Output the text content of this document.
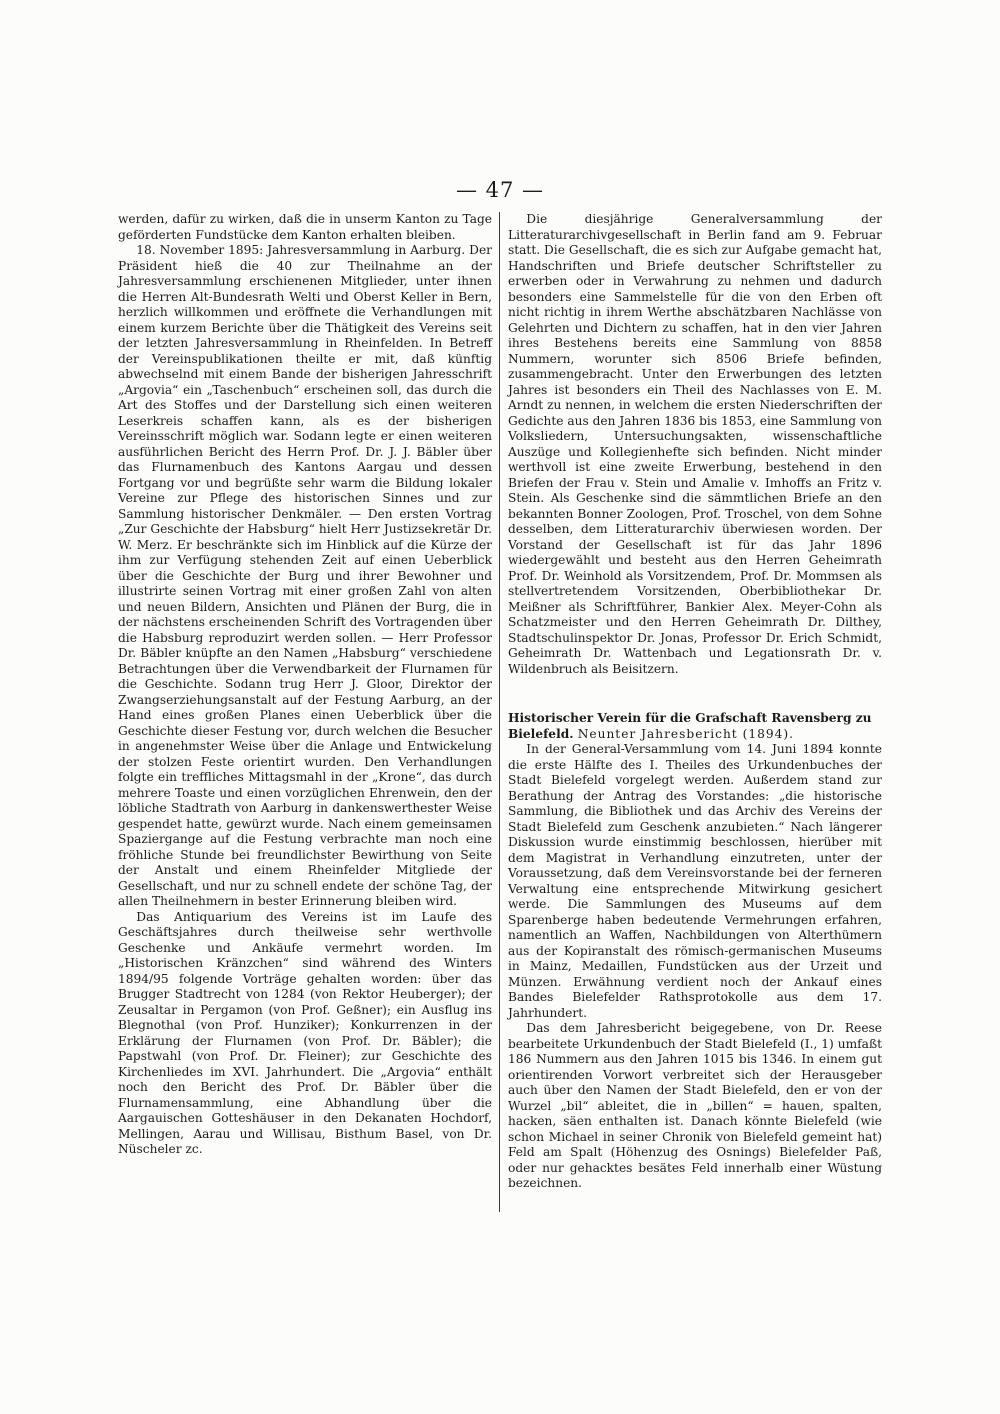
— 47 —

werden, dafür zu wirken, daß die in unserm Kanton zu Tage geförderten Fundstücke dem Kanton erhalten bleiben.

18. November 1895: Jahresversammlung in Aarburg. Der Präsident hieß die 40 zur Theilnahme an der Jahresversammlung erschienenen Mitglieder, unter ihnen die Herren Alt-Bundesrath Welti und Oberst Keller in Bern, herzlich willkommen und eröffnete die Verhandlungen mit einem kurzem Berichte über die Thätigkeit des Vereins seit der letzten Jahresversammlung in Rheinfelden. In Betreff der Vereinspublikationen theilte er mit, daß künftig abwechselnd mit einem Bande der bisherigen Jahresschrift „Argovia“ ein „Taschenbuch“ erscheinen soll, das durch die Art des Stoffes und der Darstellung sich einen weiteren Leserkreis schaffen kann, als es der bisherigen Vereinsschrift möglich war. Sodann legte er einen weiteren ausführlichen Bericht des Herrn Prof. Dr. J. J. Bäbler über das Flurnamenbuch des Kantons Aargau und dessen Fortgang vor und begrüßte sehr warm die Bildung lokaler Vereine zur Pflege des historischen Sinnes und zur Sammlung historischer Denkmäler. — Den ersten Vortrag „Zur Geschichte der Habsburg“ hielt Herr Justizsekretär Dr. W. Merz. Er beschränkte sich im Hinblick auf die Kürze der ihm zur Verfügung stehenden Zeit auf einen Ueberblick über die Geschichte der Burg und ihrer Bewohner und illustrirte seinen Vortrag mit einer großen Zahl von alten und neuen Bildern, Ansichten und Plänen der Burg, die in der nächstens erscheinenden Schrift des Vortragenden über die Habsburg reproduzirt werden sollen. — Herr Professor Dr. Bäbler knüpfte an den Namen „Habsburg“ verschiedene Betrachtungen über die Verwendbarkeit der Flurnamen für die Geschichte. Sodann trug Herr J. Gloor, Direktor der Zwangserziehungsanstalt auf der Festung Aarburg, an der Hand eines großen Planes einen Ueberblick über die Geschichte dieser Festung vor, durch welchen die Besucher in angenehmster Weise über die Anlage und Entwickelung der stolzen Feste orientirt wurden. Den Verhandlungen folgte ein treffliches Mittagsmahl in der „Krone“, das durch mehrere Toaste und einen vorzüglichen Ehrenwein, den der löbliche Stadtrath von Aarburg in dankenswerthester Weise gespendet hatte, gewürzt wurde. Nach einem gemeinsamen Spaziergange auf die Festung verbrachte man noch eine fröhliche Stunde bei freundlichster Bewirthung von Seite der Anstalt und einem Rheinfelder Mitgliede der Gesellschaft, und nur zu schnell endete der schöne Tag, der allen Theilnehmern in bester Erinnerung bleiben wird.

Das Antiquarium des Vereins ist im Laufe des Geschäftsjahres durch theilweise sehr werthvolle Geschenke und Ankäufe vermehrt worden. Im „Historischen Kränzchen“ sind während des Winters 1894/95 folgende Vorträge gehalten worden: über das Brugger Stadtrecht von 1284 (von Rektor Heuberger); der Zeusaltar in Pergamon (von Prof. Geßner); ein Ausflug ins Blegnothal (von Prof. Hunziker); Konkurrenzen in der Erklärung der Flurnamen (von Prof. Dr. Bäbler); die Papstwahl (von Prof. Dr. Fleiner); zur Geschichte des Kirchenliedes im XVI. Jahrhundert. Die „Argovia“ enthält noch den Bericht des Prof. Dr. Bäbler über die Flurnamensammlung, eine Abhandlung über die Aargauischen Gotteshäuser in den Dekanaten Hochdorf, Mellingen, Aarau und Willisau, Bisthum Basel, von Dr. Nüscheler zc.

Die diesjährige Generalversammlung der Litteraturarchivgesellschaft in Berlin fand am 9. Februar statt. Die Gesellschaft, die es sich zur Aufgabe gemacht hat, Handschriften und Briefe deutscher Schriftsteller zu erwerben oder in Verwahrung zu nehmen und dadurch besonders eine Sammelstelle für die von den Erben oft nicht richtig in ihrem Werthe abschätzbaren Nachlässe von Gelehrten und Dichtern zu schaffen, hat in den vier Jahren ihres Bestehens bereits eine Sammlung von 8858 Nummern, worunter sich 8506 Briefe befinden, zusammengebracht. Unter den Erwerbungen des letzten Jahres ist besonders ein Theil des Nachlasses von E. M. Arndt zu nennen, in welchem die ersten Niederschriften der Gedichte aus den Jahren 1836 bis 1853, eine Sammlung von Volksliedern, Untersuchungsakten, wissenschaftliche Auszüge und Kollegienhefte sich befinden. Nicht minder werthvoll ist eine zweite Erwerbung, bestehend in den Briefen der Frau v. Stein und Amalie v. Imhoffs an Fritz v. Stein. Als Geschenke sind die sämmtlichen Briefe an den bekannten Bonner Zoologen, Prof. Troschel, von dem Sohne desselben, dem Litteraturarchiv überwiesen worden. Der Vorstand der Gesellschaft ist für das Jahr 1896 wiedergewählt und besteht aus den Herren Geheimrath Prof. Dr. Weinhold als Vorsitzendem, Prof. Dr. Mommsen als stellvertretendem Vorsitzenden, Oberbibliothekar Dr. Meißner als Schriftführer, Bankier Alex. Meyer-Cohn als Schatzmeister und den Herren Geheimrath Dr. Dilthey, Stadtschulinspektor Dr. Jonas, Professor Dr. Erich Schmidt, Geheimrath Dr. Wattenbach und Legationsrath Dr. v. Wildenbruch als Beisitzern.

Historischer Verein für die Grafschaft Ravensberg zu Bielefeld. Neunter Jahresbericht (1894).

In der General-Versammlung vom 14. Juni 1894 konnte die erste Hälfte des I. Theiles des Urkundenbuches der Stadt Bielefeld vorgelegt werden. Außerdem stand zur Berathung der Antrag des Vorstandes: „die historische Sammlung, die Bibliothek und das Archiv des Vereins der Stadt Bielefeld zum Geschenk anzubieten.“ Nach längerer Diskussion wurde einstimmig beschlossen, hierüber mit dem Magistrat in Verhandlung einzutreten, unter der Voraussetzung, daß dem Vereinsvorstande bei der ferneren Verwaltung eine entsprechende Mitwirkung gesichert werde. Die Sammlungen des Museums auf dem Sparenberge haben bedeutende Vermehrungen erfahren, namentlich an Waffen, Nachbildungen von Alterthümern aus der Kopiranstalt des römisch-germanischen Museums in Mainz, Medaillen, Fundstücken aus der Urzeit und Münzen. Erwähnung verdient noch der Ankauf eines Bandes Bielefelder Rathsprotokolle aus dem 17. Jahrhundert.

Das dem Jahresbericht beigegebene, von Dr. Reese bearbeitete Urkundenbuch der Stadt Bielefeld (I., 1) umfaßt 186 Nummern aus den Jahren 1015 bis 1346. In einem gut orientirenden Vorwort verbreitet sich der Herausgeber auch über den Namen der Stadt Bielefeld, den er von der Wurzel „bil“ ableitet, die in „billen“ = hauen, spalten, hacken, säen enthalten ist. Danach könnte Bielefeld (wie schon Michael in seiner Chronik von Bielefeld gemeint hat) Feld am Spalt (Höhenzug des Osnings) Bielefelder Paß, oder nur gehacktes besätes Feld innerhalb einer Wüstung bezeichnen.
